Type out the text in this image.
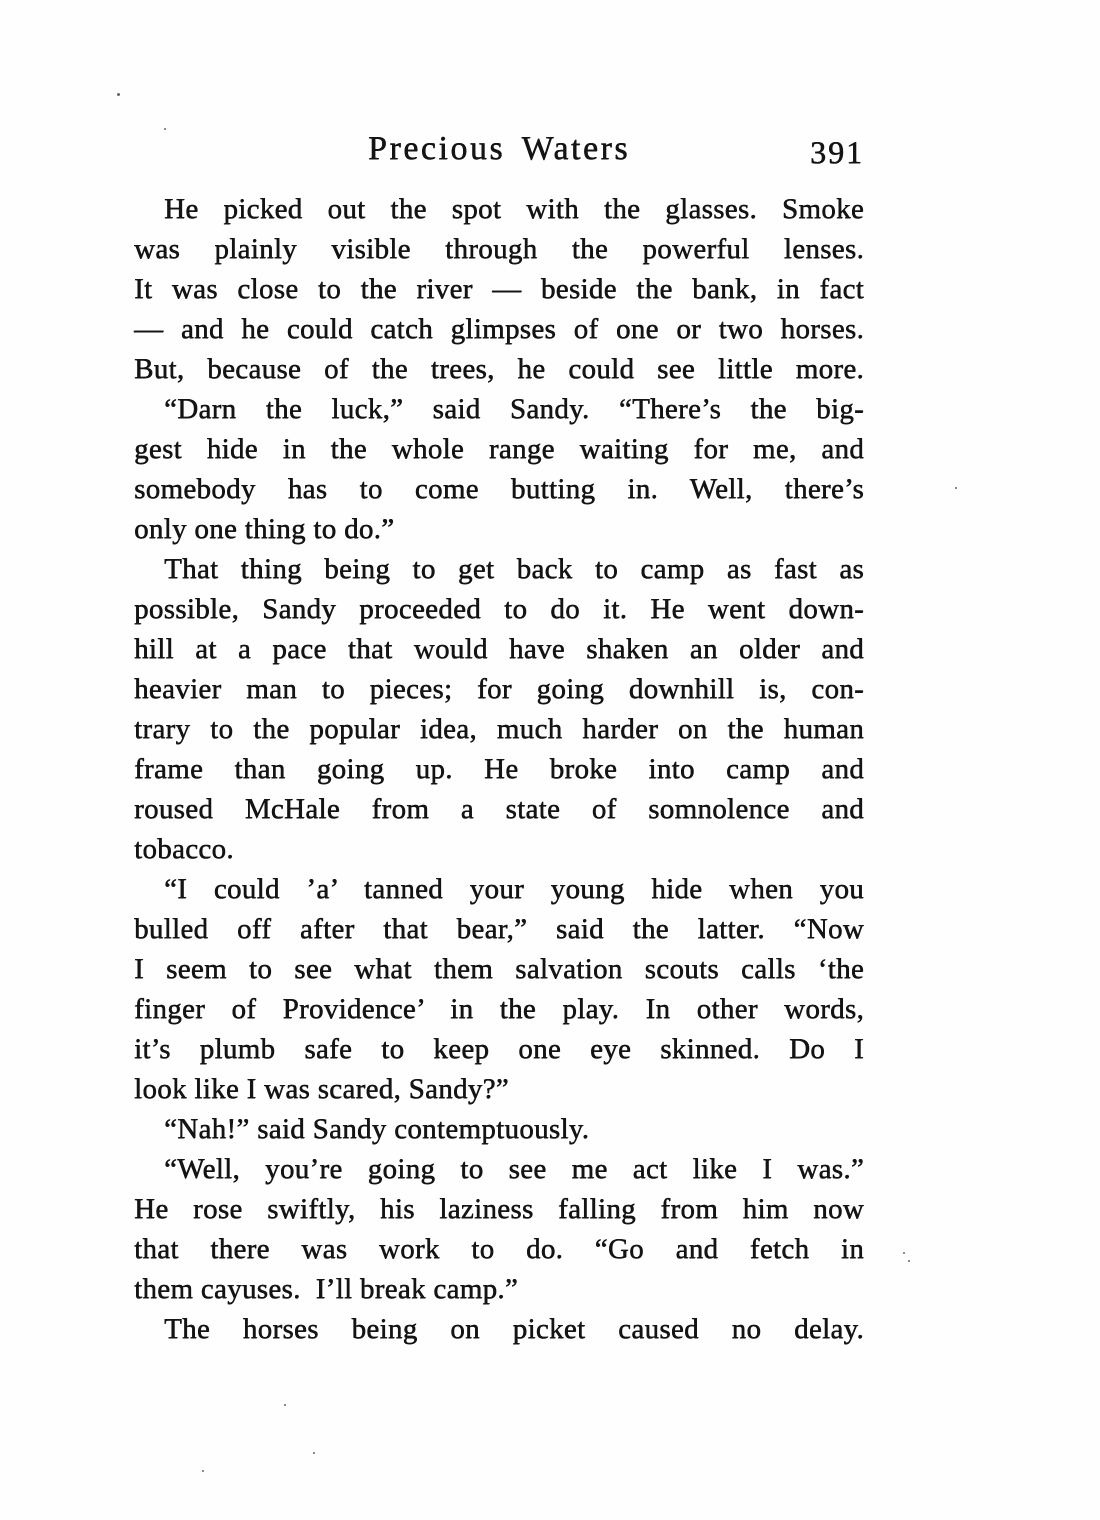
Precious Waters	391
He picked out the spot with the glasses. Smoke
was plainly visible through the powerful lenses.
It was close to the river — beside the bank, in fact
— and he could catch glimpses of one or two horses.
But, because of the trees, he could see little more.
“Darn the luck,” said Sandy. “There’s the big-
gest hide in the whole range waiting for me, and
somebody has to come butting in. Well, there’s
only one thing to do.”
That thing being to get back to camp as fast as
possible, Sandy proceeded to do it. He went down-
hill at a pace that would have shaken an older and
heavier man to pieces; for going downhill is, con-
trary to the popular idea, much harder on the human
frame than going up. He broke into camp and
roused McHale from a state of somnolence and
tobacco.
“I could ’a’ tanned your young hide when you
bulled off after that bear,” said the latter. “Now
I seem to see what them salvation scouts calls ‘the
finger of Providence’ in the play. In other words,
it’s plumb safe to keep one eye skinned. Do I
look like I was scared, Sandy?”
“Nah!” said Sandy contemptuously.
“Well, you’re going to see me act like I was.”
He rose swiftly, his laziness falling from him now
that there was work to do. “Go and fetch in
them cayuses.  I’ll break camp.”
The horses being on picket caused no delay.
